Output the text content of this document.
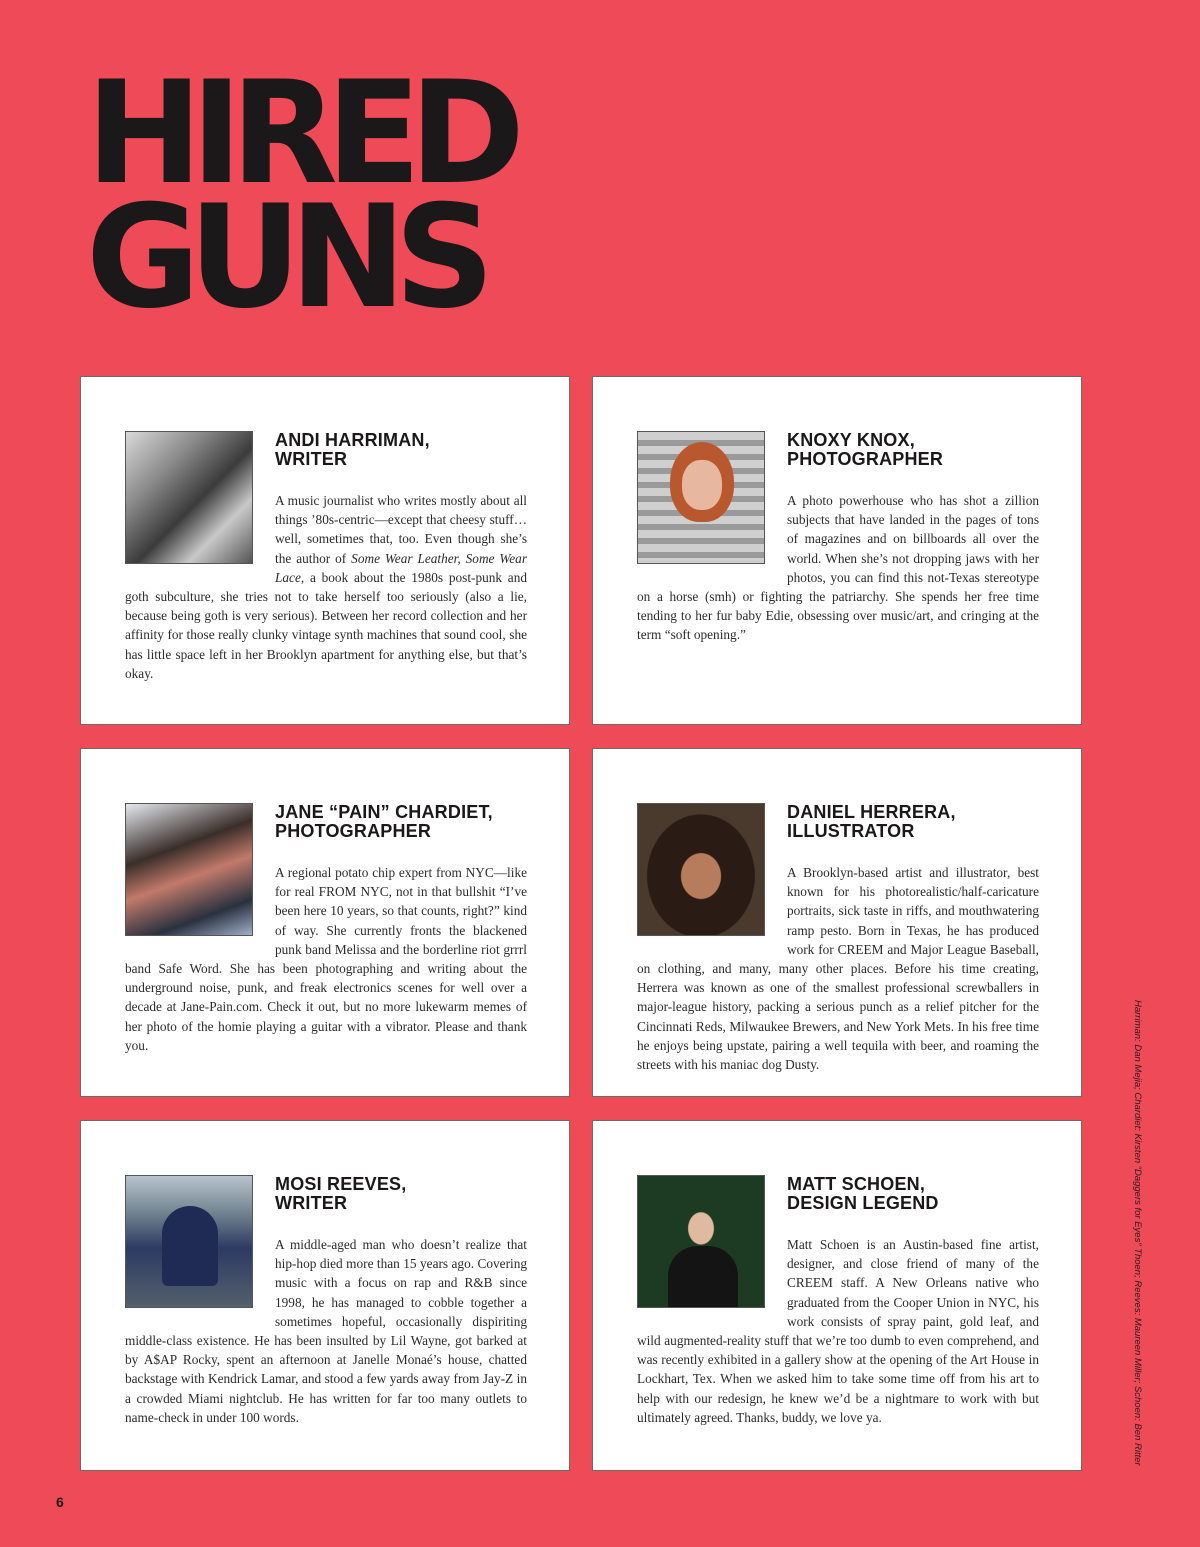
HIRED
GUNS
ANDI HARRIMAN,
WRITER

A music journalist who writes mostly about all things ’80s-centric—except that cheesy stuff…well, sometimes that, too. Even though she’s the author of Some Wear Leather, Some Wear Lace, a book about the 1980s post-punk and goth subculture, she tries not to take herself too seriously (also a lie, because being goth is very serious). Between her record collection and her affinity for those really clunky vintage synth machines that sound cool, she has little space left in her Brooklyn apartment for anything else, but that’s okay.

KNOXY KNOX,
PHOTOGRAPHER

A photo powerhouse who has shot a zillion subjects that have landed in the pages of tons of magazines and on billboards all over the world. When she’s not dropping jaws with her photos, you can find this not-Texas stereotype on a horse (smh) or fighting the patriarchy. She spends her free time tending to her fur baby Edie, obsessing over music/art, and cringing at the term “soft opening.”

JANE “PAIN” CHARDIET,
PHOTOGRAPHER

A regional potato chip expert from NYC—like for real FROM NYC, not in that bullshit “I’ve been here 10 years, so that counts, right?” kind of way. She currently fronts the blackened punk band Melissa and the borderline riot grrrl band Safe Word. She has been photographing and writing about the underground noise, punk, and freak electronics scenes for well over a decade at Jane-Pain.com. Check it out, but no more lukewarm memes of her photo of the homie playing a guitar with a vibrator. Please and thank you.

DANIEL HERRERA,
ILLUSTRATOR

A Brooklyn-based artist and illustrator, best known for his photorealistic/half-caricature portraits, sick taste in riffs, and mouthwatering ramp pesto. Born in Texas, he has produced work for CREEM and Major League Baseball, on clothing, and many, many other places. Before his time creating, Herrera was known as one of the smallest professional screwballers in major-league history, packing a serious punch as a relief pitcher for the Cincinnati Reds, Milwaukee Brewers, and New York Mets. In his free time he enjoys being upstate, pairing a well tequila with beer, and roaming the streets with his maniac dog Dusty.

MOSI REEVES,
WRITER

A middle-aged man who doesn’t realize that hip-hop died more than 15 years ago. Covering music with a focus on rap and R&B since 1998, he has managed to cobble together a sometimes hopeful, occasionally dispiriting middle-class existence. He has been insulted by Lil Wayne, got barked at by A$AP Rocky, spent an afternoon at Janelle Monaé’s house, chatted backstage with Kendrick Lamar, and stood a few yards away from Jay-Z in a crowded Miami nightclub. He has written for far too many outlets to name-check in under 100 words.

MATT SCHOEN,
DESIGN LEGEND

Matt Schoen is an Austin-based fine artist, designer, and close friend of many of the CREEM staff. A New Orleans native who graduated from the Cooper Union in NYC, his work consists of spray paint, gold leaf, and wild augmented-reality stuff that we’re too dumb to even comprehend, and was recently exhibited in a gallery show at the opening of the Art House in Lockhart, Tex. When we asked him to take some time off from his art to help with our redesign, he knew we’d be a nightmare to work with but ultimately agreed. Thanks, buddy, we love ya.	Harriman: Dan Mejia; Chardiet: Kirsten “Daggers for Eyes” Thoen; Reeves: Maureen Miller; Schoen: Ben Ritter
6
